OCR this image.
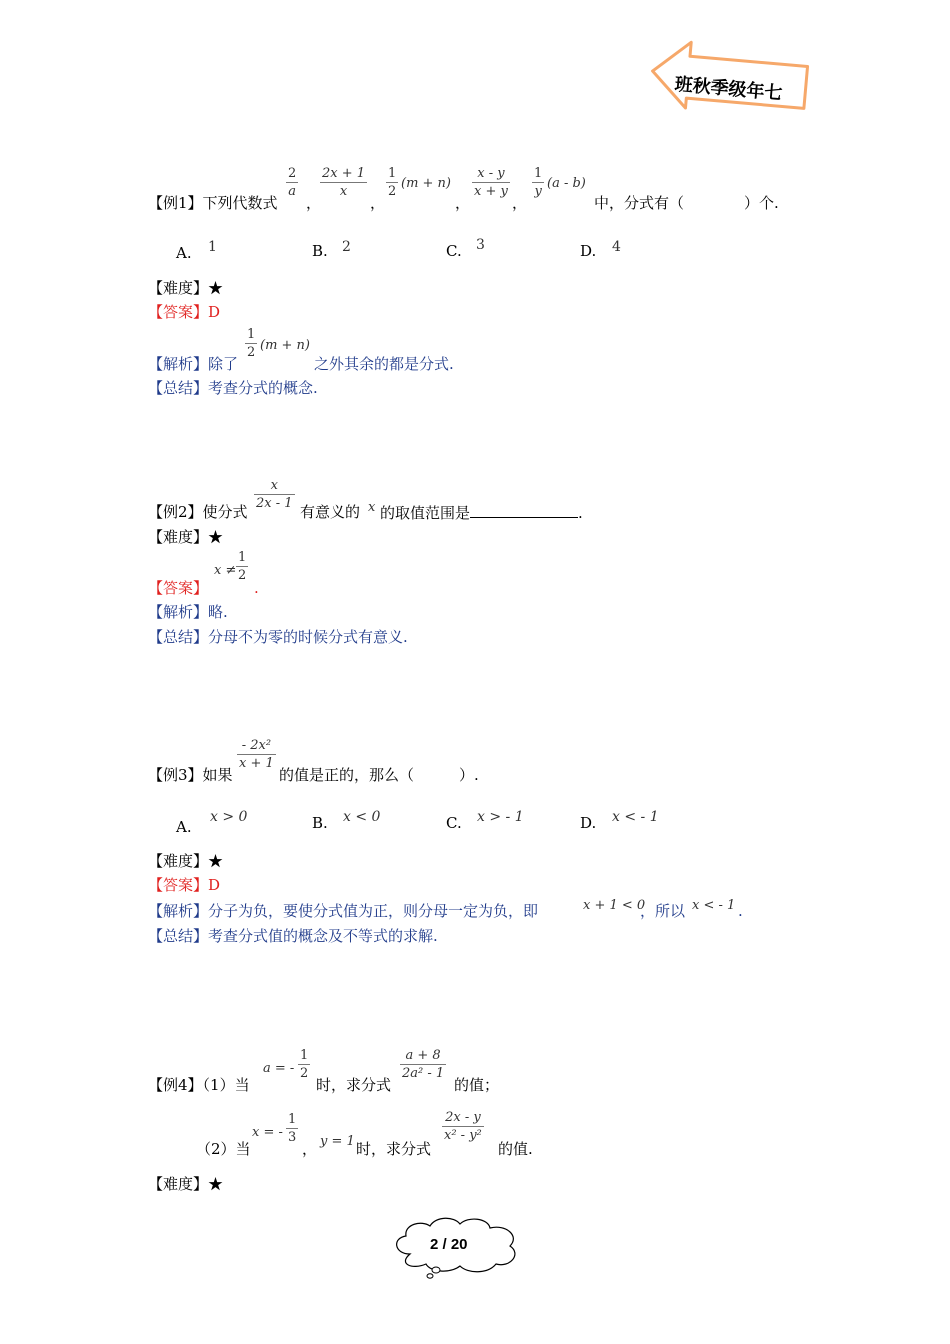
班秋季级年七
【例1】下列代数式
2
a
，
2x + 1
x
，
1
2
(m + n)
，
x - y
x + y
，
1
y
(a - b)
中，分式有（　　　　）个.
A. 1	B. 2	C. 3	D. 4
【难度】★
【答案】D
【解析】除了
1
2 (m + n)
之外其余的都是分式.
【总结】考查分式的概念.
【例2】使分式
x
2x - 1 有意义的 x 的取值范围是	.
【难度】★
【答案】
x ≠
1
2
.
【解析】略.
【总结】分母不为零的时候分式有意义.
【例3】如果
- 2x²
x + 1
的值是正的，那么（　　　）.
A.
x > 0	B. x < 0	C. x > - 1	D. x < - 1
【难度】★
【答案】D
【解析】分子为负，要使分式值为正，则分母一定为负，即	x + 1 < 0
，所以 x < - 1 .
【总结】考查分式值的概念及不等式的求解.
【例4】（1）当
a = -
1
2
时，求分式
a + 8
2a² - 1
的值；
（2）当
x = -
1
3
， y = 1 时，求分式
2x - y
x² - y²
的值.
【难度】★
2 / 20
